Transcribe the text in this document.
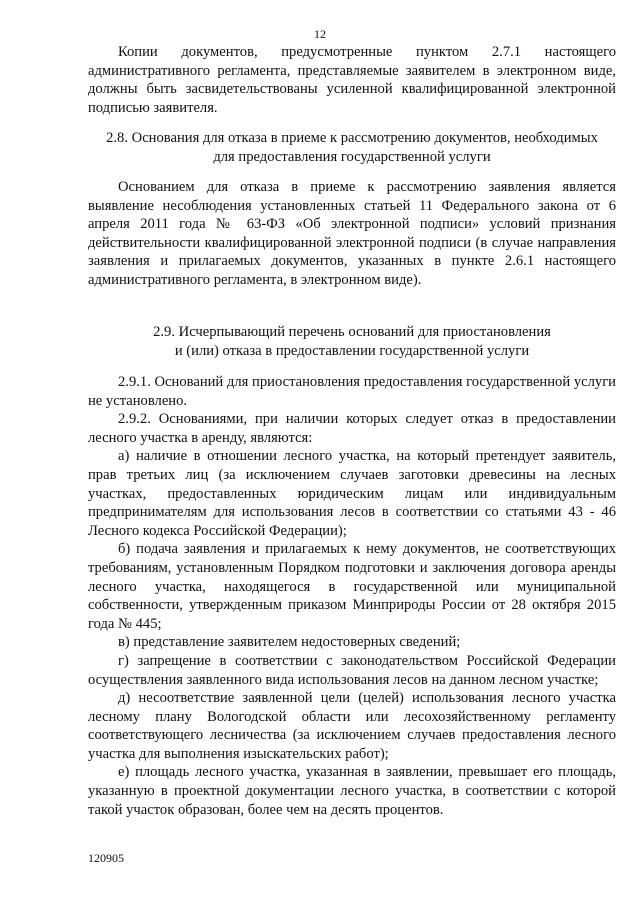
12

Копии документов, предусмотренные пунктом 2.7.1 настоящего административного регламента, представляемые заявителем в электронном виде, должны быть засвидетельствованы усиленной квалифицированной электронной подписью заявителя.

2.8. Основания для отказа в приеме к рассмотрению документов, необходимых
для предоставления государственной услуги

Основанием для отказа в приеме к рассмотрению заявления является выявление несоблюдения установленных статьей 11 Федерального закона от 6 апреля 2011 года № 63-ФЗ «Об электронной подписи» условий признания действительности квалифицированной электронной подписи (в случае направления заявления и прилагаемых документов, указанных в пункте 2.6.1 настоящего административного регламента, в электронном виде).

2.9. Исчерпывающий перечень оснований для приостановления
и (или) отказа в предоставлении государственной услуги

2.9.1. Оснований для приостановления предоставления государственной услуги не установлено.

2.9.2. Основаниями, при наличии которых следует отказ в предоставлении лесного участка в аренду, являются:

а) наличие в отношении лесного участка, на который претендует заявитель, прав третьих лиц (за исключением случаев заготовки древесины на лесных участках, предоставленных юридическим лицам или индивидуальным предпринимателям для использования лесов в соответствии со статьями 43 - 46 Лесного кодекса Российской Федерации);

б) подача заявления и прилагаемых к нему документов, не соответствующих требованиям, установленным Порядком подготовки и заключения договора аренды лесного участка, находящегося в государственной или муниципальной собственности, утвержденным приказом Минприроды России от 28 октября 2015 года № 445;

в) представление заявителем недостоверных сведений;

г) запрещение в соответствии с законодательством Российской Федерации осуществления заявленного вида использования лесов на данном лесном участке;

д) несоответствие заявленной цели (целей) использования лесного участка лесному плану Вологодской области или лесохозяйственному регламенту соответствующего лесничества (за исключением случаев предоставления лесного участка для выполнения изыскательских работ);

е) площадь лесного участка, указанная в заявлении, превышает его площадь, указанную в проектной документации лесного участка, в соответствии с которой такой участок образован, более чем на десять процентов.

120905
